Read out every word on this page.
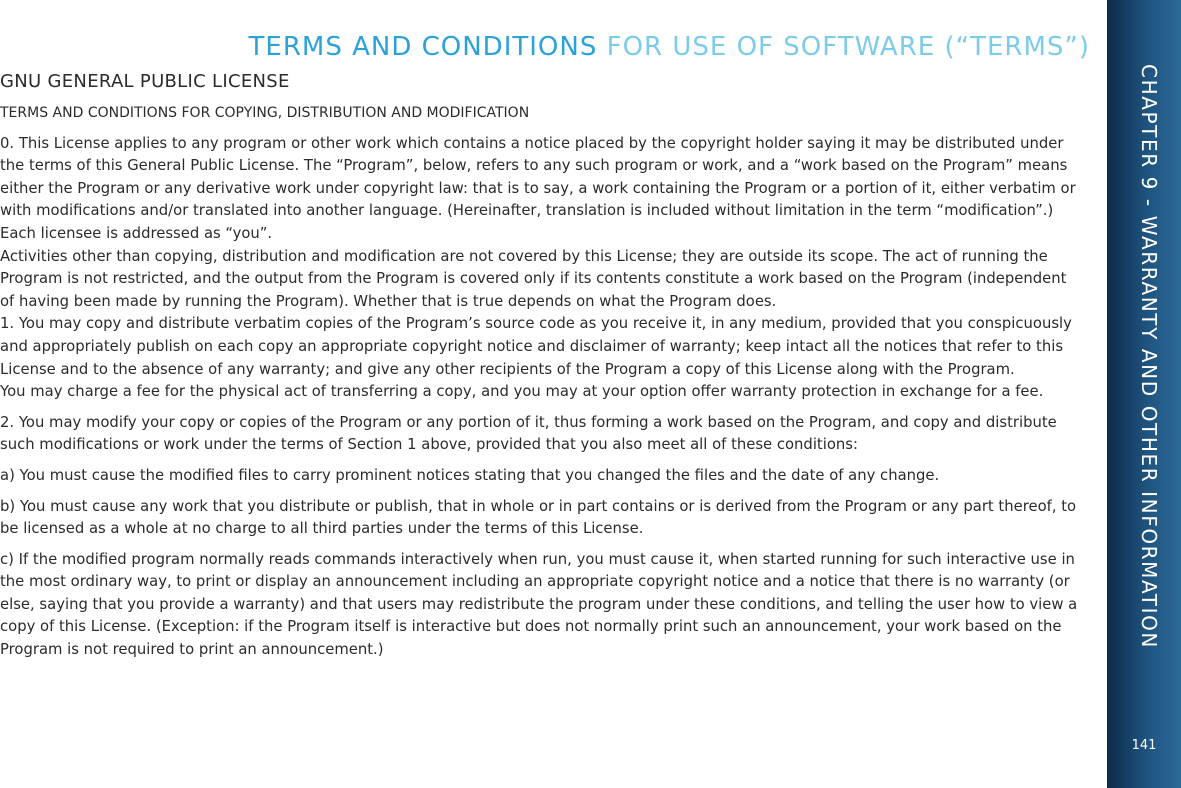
TERMS AND CONDITIONS FOR USE OF SOFTWARE (“TERMS”)
GNU GENERAL PUBLIC LICENSE
TERMS AND CONDITIONS FOR COPYING, DISTRIBUTION AND MODIFICATION

0. This License applies to any program or other work which contains a notice placed by the copyright holder saying it may be distributed under the terms of this General Public License. The “Program”, below, refers to any such program or work, and a “work based on the Program” means either the Program or any derivative work under copyright law: that is to say, a work containing the Program or a portion of it, either verbatim or with modifications and/or translated into another language. (Hereinafter, translation is included without limitation in the term “modification”.) Each licensee is addressed as “you”.

Activities other than copying, distribution and modification are not covered by this License; they are outside its scope. The act of running the Program is not restricted, and the output from the Program is covered only if its contents constitute a work based on the Program (independent of having been made by running the Program). Whether that is true depends on what the Program does.

1. You may copy and distribute verbatim copies of the Program’s source code as you receive it, in any medium, provided that you conspicuously and appropriately publish on each copy an appropriate copyright notice and disclaimer of warranty; keep intact all the notices that refer to this License and to the absence of any warranty; and give any other recipients of the Program a copy of this License along with the Program.

You may charge a fee for the physical act of transferring a copy, and you may at your option offer warranty protection in exchange for a fee.

2. You may modify your copy or copies of the Program or any portion of it, thus forming a work based on the Program, and copy and distribute such modifications or work under the terms of Section 1 above, provided that you also meet all of these conditions:

a) You must cause the modified files to carry prominent notices stating that you changed the files and the date of any change.

b) You must cause any work that you distribute or publish, that in whole or in part contains or is derived from the Program or any part thereof, to be licensed as a whole at no charge to all third parties under the terms of this License.

c) If the modified program normally reads commands interactively when run, you must cause it, when started running for such interactive use in the most ordinary way, to print or display an announcement including an appropriate copyright notice and a notice that there is no warranty (or else, saying that you provide a warranty) and that users may redistribute the program under these conditions, and telling the user how to view a copy of this License. (Exception: if the Program itself is interactive but does not normally print such an announcement, your work based on the Program is not required to print an announcement.)

CHAPTER 9 - WARRANTY AND OTHER INFORMATION
141
